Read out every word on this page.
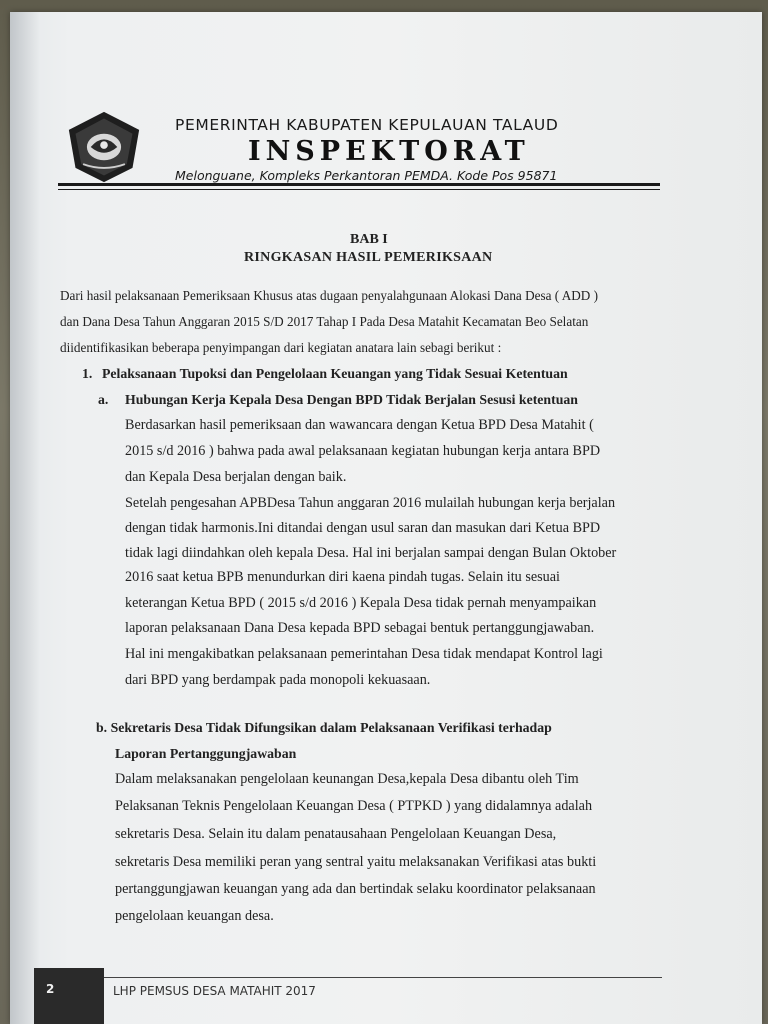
PEMERINTAH KABUPATEN KEPULAUAN TALAUD
INSPEKTORAT
Melonguane, Kompleks Perkantoran PEMDA. Kode Pos 95871
BAB I
RINGKASAN HASIL PEMERIKSAAN
Dari hasil pelaksanaan Pemeriksaan Khusus atas dugaan penyalahgunaan Alokasi Dana Desa ( ADD )
dan Dana Desa Tahun Anggaran 2015 S/D 2017 Tahap I Pada Desa Matahit Kecamatan Beo Selatan
diidentifikasikan beberapa penyimpangan dari kegiatan anatara lain sebagi berikut :
1. Pelaksanaan Tupoksi dan Pengelolaan Keuangan yang Tidak Sesuai Ketentuan
a. Hubungan Kerja Kepala Desa Dengan BPD Tidak Berjalan Sesusi ketentuan
Berdasarkan hasil pemeriksaan dan wawancara dengan Ketua BPD Desa Matahit (
2015 s/d 2016 ) bahwa pada awal pelaksanaan kegiatan hubungan kerja antara BPD
dan Kepala Desa berjalan dengan baik.
Setelah pengesahan APBDesa Tahun anggaran 2016 mulailah hubungan kerja berjalan
dengan tidak harmonis.Ini ditandai dengan usul saran dan masukan dari Ketua BPD
tidak lagi diindahkan oleh kepala Desa. Hal ini berjalan sampai dengan Bulan Oktober
2016 saat ketua BPB menundurkan diri kaena pindah tugas. Selain itu sesuai
keterangan Ketua BPD ( 2015 s/d 2016 ) Kepala Desa tidak pernah menyampaikan
laporan pelaksanaan Dana Desa kepada BPD sebagai bentuk pertanggungjawaban.
Hal ini mengakibatkan pelaksanaan pemerintahan Desa tidak mendapat Kontrol lagi
dari BPD yang berdampak pada monopoli kekuasaan.
b. Sekretaris Desa Tidak Difungsikan dalam Pelaksanaan Verifikasi terhadap
Laporan Pertanggungjawaban
Dalam melaksanakan pengelolaan keunangan Desa,kepala Desa dibantu oleh Tim
Pelaksanan Teknis Pengelolaan Keuangan Desa ( PTPKD ) yang didalamnya adalah
sekretaris Desa. Selain itu dalam penatausahaan Pengelolaan Keuangan Desa,
sekretaris Desa memiliki peran yang sentral yaitu melaksanakan Verifikasi atas bukti
pertanggungjawan keuangan yang ada dan bertindak selaku koordinator pelaksanaan
pengelolaan keuangan desa.
2	LHP PEMSUS DESA MATAHIT 2017
